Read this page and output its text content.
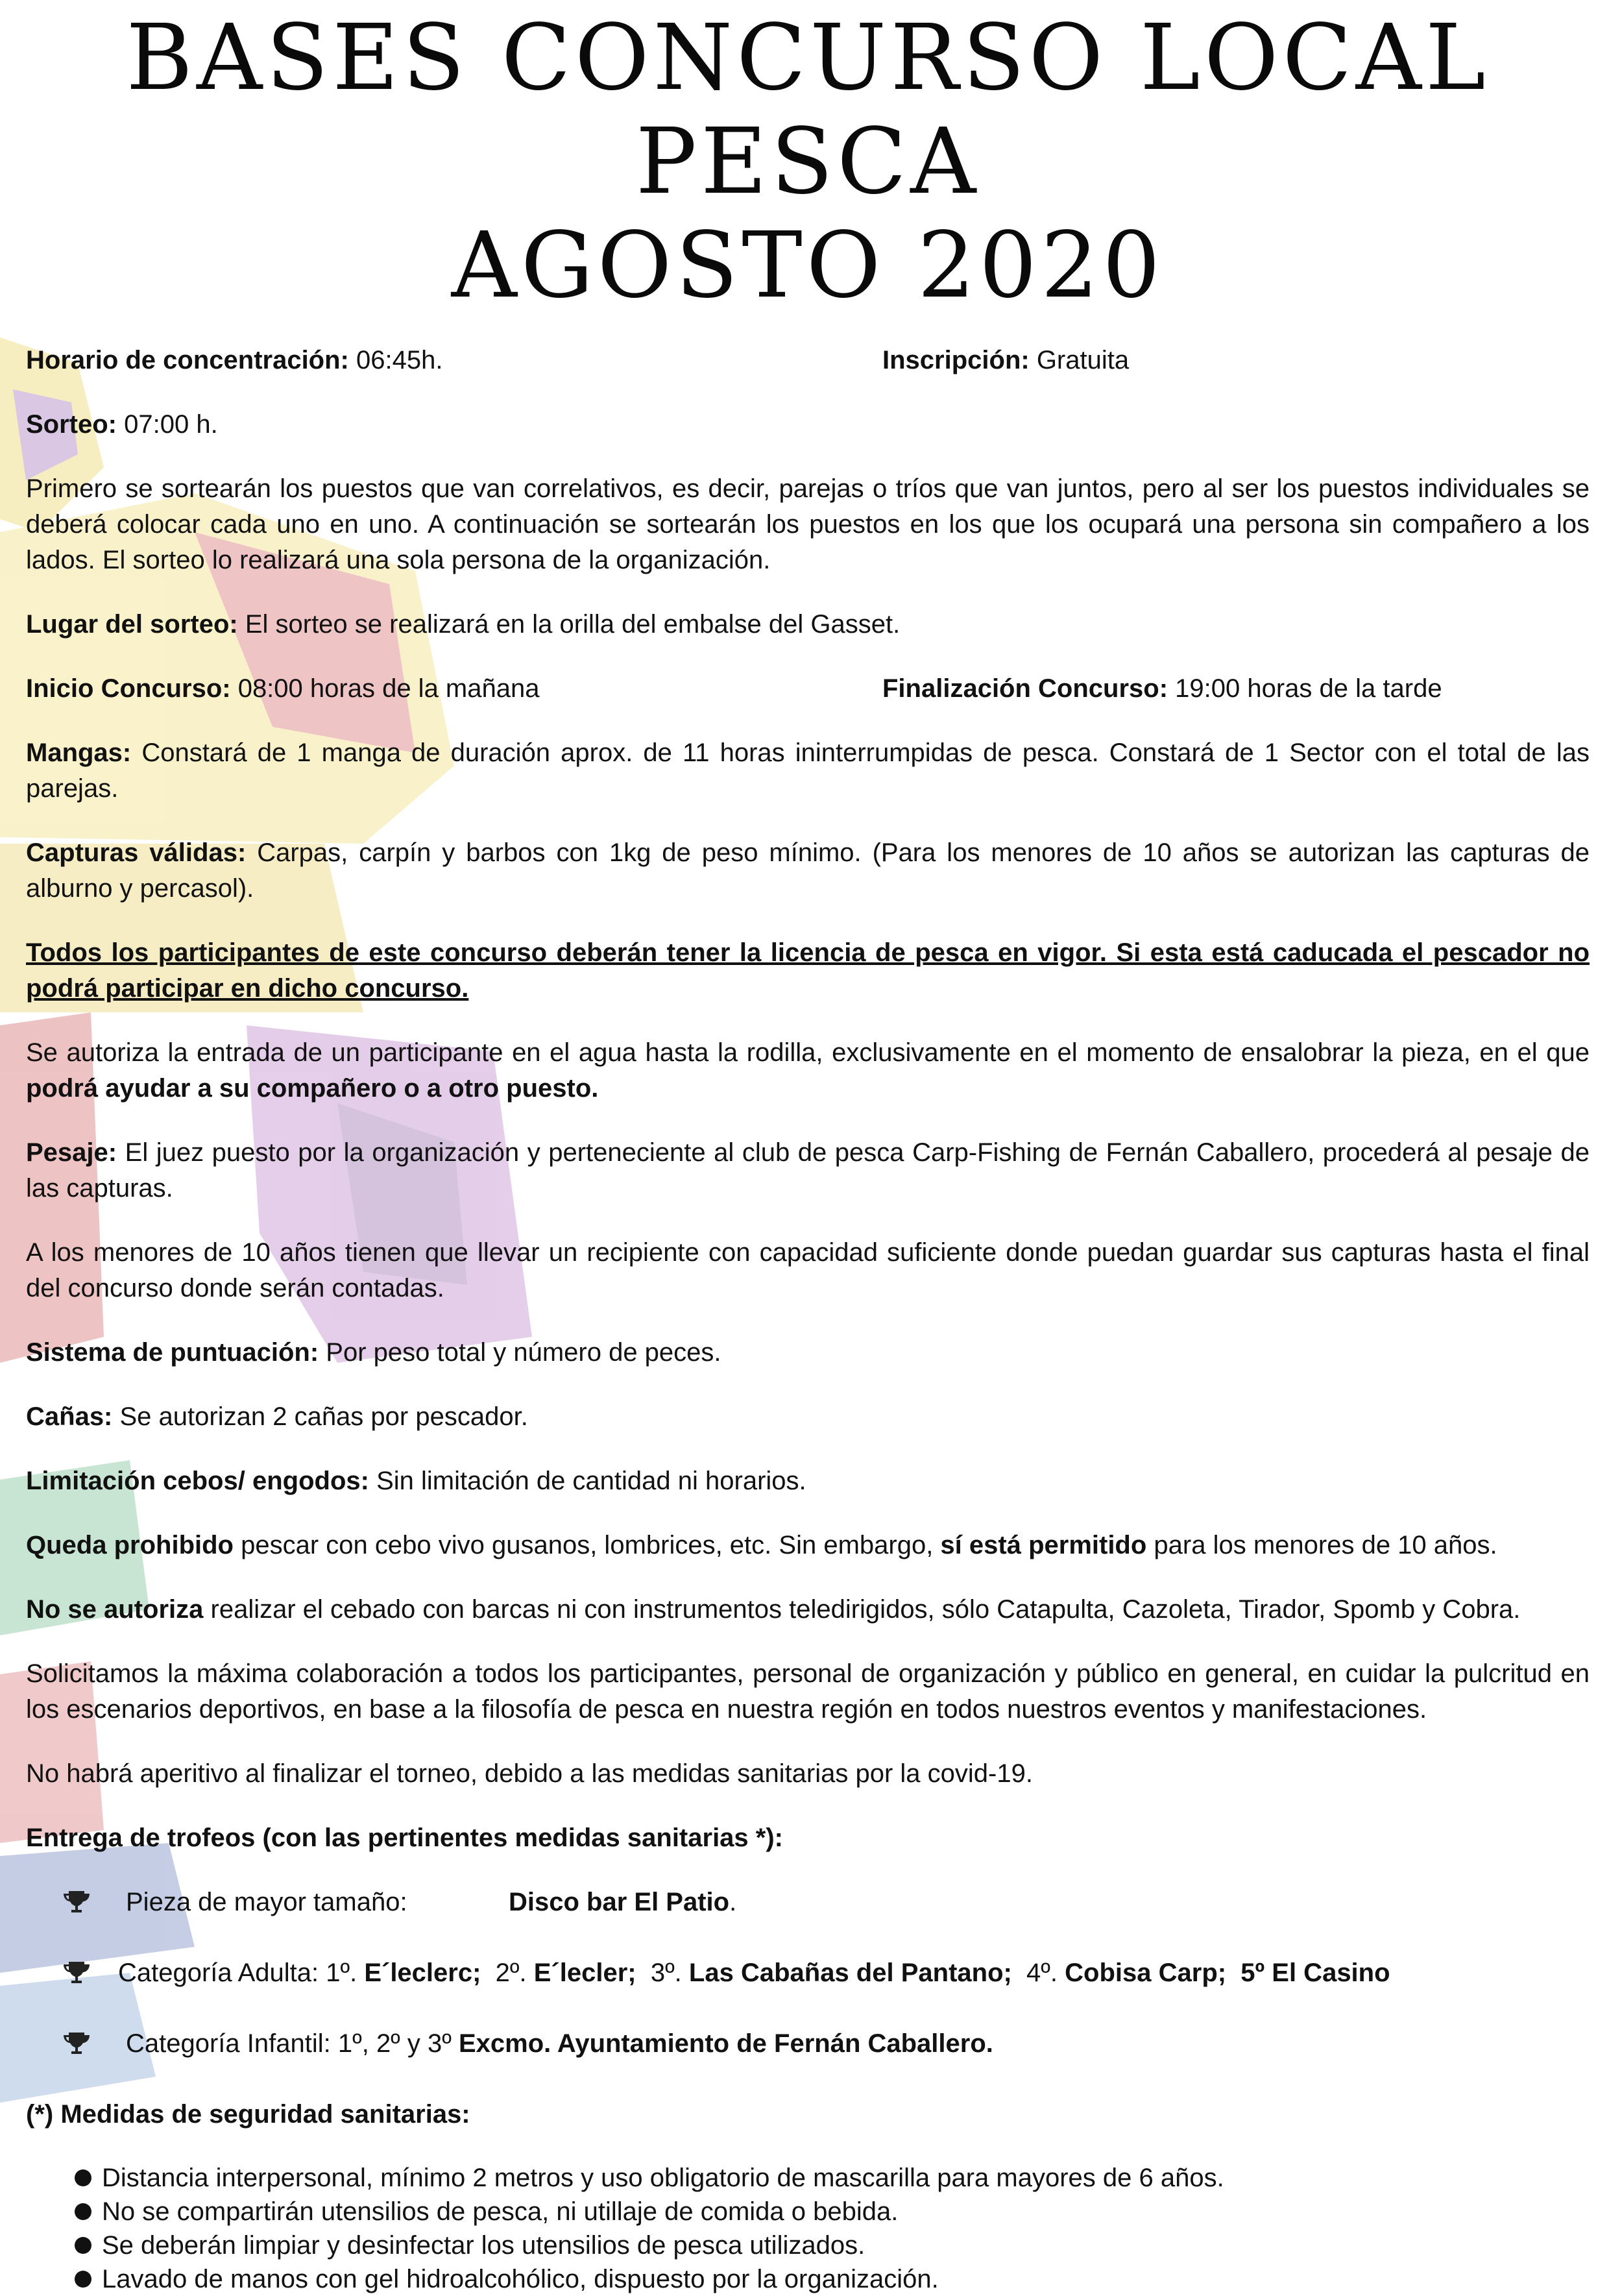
BASES CONCURSO LOCAL PESCA
AGOSTO 2020
Horario de concentración: 06:45h.	Inscripción: Gratuita

Sorteo: 07:00 h.

Primero se sortearán los puestos que van correlativos, es decir, parejas o tríos que van juntos, pero al ser los puestos individuales se deberá colocar cada uno en uno. A continuación se sortearán los puestos en los que los ocupará una persona sin compañero a los lados. El sorteo lo realizará una sola persona de la organización.

Lugar del sorteo: El sorteo se realizará en la orilla del embalse del Gasset.

Inicio Concurso: 08:00 horas de la mañana	Finalización Concurso: 19:00 horas de la tarde

Mangas: Constará de 1 manga de duración aprox. de 11 horas ininterrumpidas de pesca. Constará de 1 Sector con el total de las parejas.

Capturas válidas: Carpas, carpín y barbos con 1kg de peso mínimo. (Para los menores de 10 años se autorizan las capturas de alburno y percasol).

Todos los participantes de este concurso deberán tener la licencia de pesca en vigor. Si esta está caducada el pescador no podrá participar en dicho concurso.

Se autoriza la entrada de un participante en el agua hasta la rodilla, exclusivamente en el momento de ensalobrar la pieza, en el que podrá ayudar a su compañero o a otro puesto.

Pesaje: El juez puesto por la organización y perteneciente al club de pesca Carp-Fishing de Fernán Caballero, procederá al pesaje de las capturas.

A los menores de 10 años tienen que llevar un recipiente con capacidad suficiente donde puedan guardar sus capturas hasta el final del concurso donde serán contadas.

Sistema de puntuación: Por peso total y número de peces.

Cañas: Se autorizan 2 cañas por pescador.

Limitación cebos/ engodos: Sin limitación de cantidad ni horarios.

Queda prohibido pescar con cebo vivo gusanos, lombrices, etc. Sin embargo, sí está permitido para los menores de 10 años.

No se autoriza realizar el cebado con barcas ni con instrumentos teledirigidos, sólo Catapulta, Cazoleta, Tirador, Spomb y Cobra.

Solicitamos la máxima colaboración a todos los participantes, personal de organización y público en general, en cuidar la pulcritud en los escenarios deportivos, en base a la filosofía de pesca en nuestra región en todos nuestros eventos y manifestaciones.

No habrá aperitivo al finalizar el torneo, debido a las medidas sanitarias por la covid-19.

Entrega de trofeos (con las pertinentes medidas sanitarias *):

Pieza de mayor tamaño:	Disco bar El Patio .
Categoría Adulta: 1º. E´leclerc; 2º. E´lecler; 3º. Las Cabañas del Pantano; 4º. Cobisa Carp; 5º El Casino
Categoría Infantil: 1º, 2º y 3º Excmo. Ayuntamiento de Fernán Caballero.

(*) Medidas de seguridad sanitarias:

Distancia interpersonal, mínimo 2 metros y uso obligatorio de mascarilla para mayores de 6 años.
No se compartirán utensilios de pesca, ni utillaje de comida o bebida.
Se deberán limpiar y desinfectar los utensilios de pesca utilizados.
Lavado de manos con gel hidroalcohólico, dispuesto por la organización.
